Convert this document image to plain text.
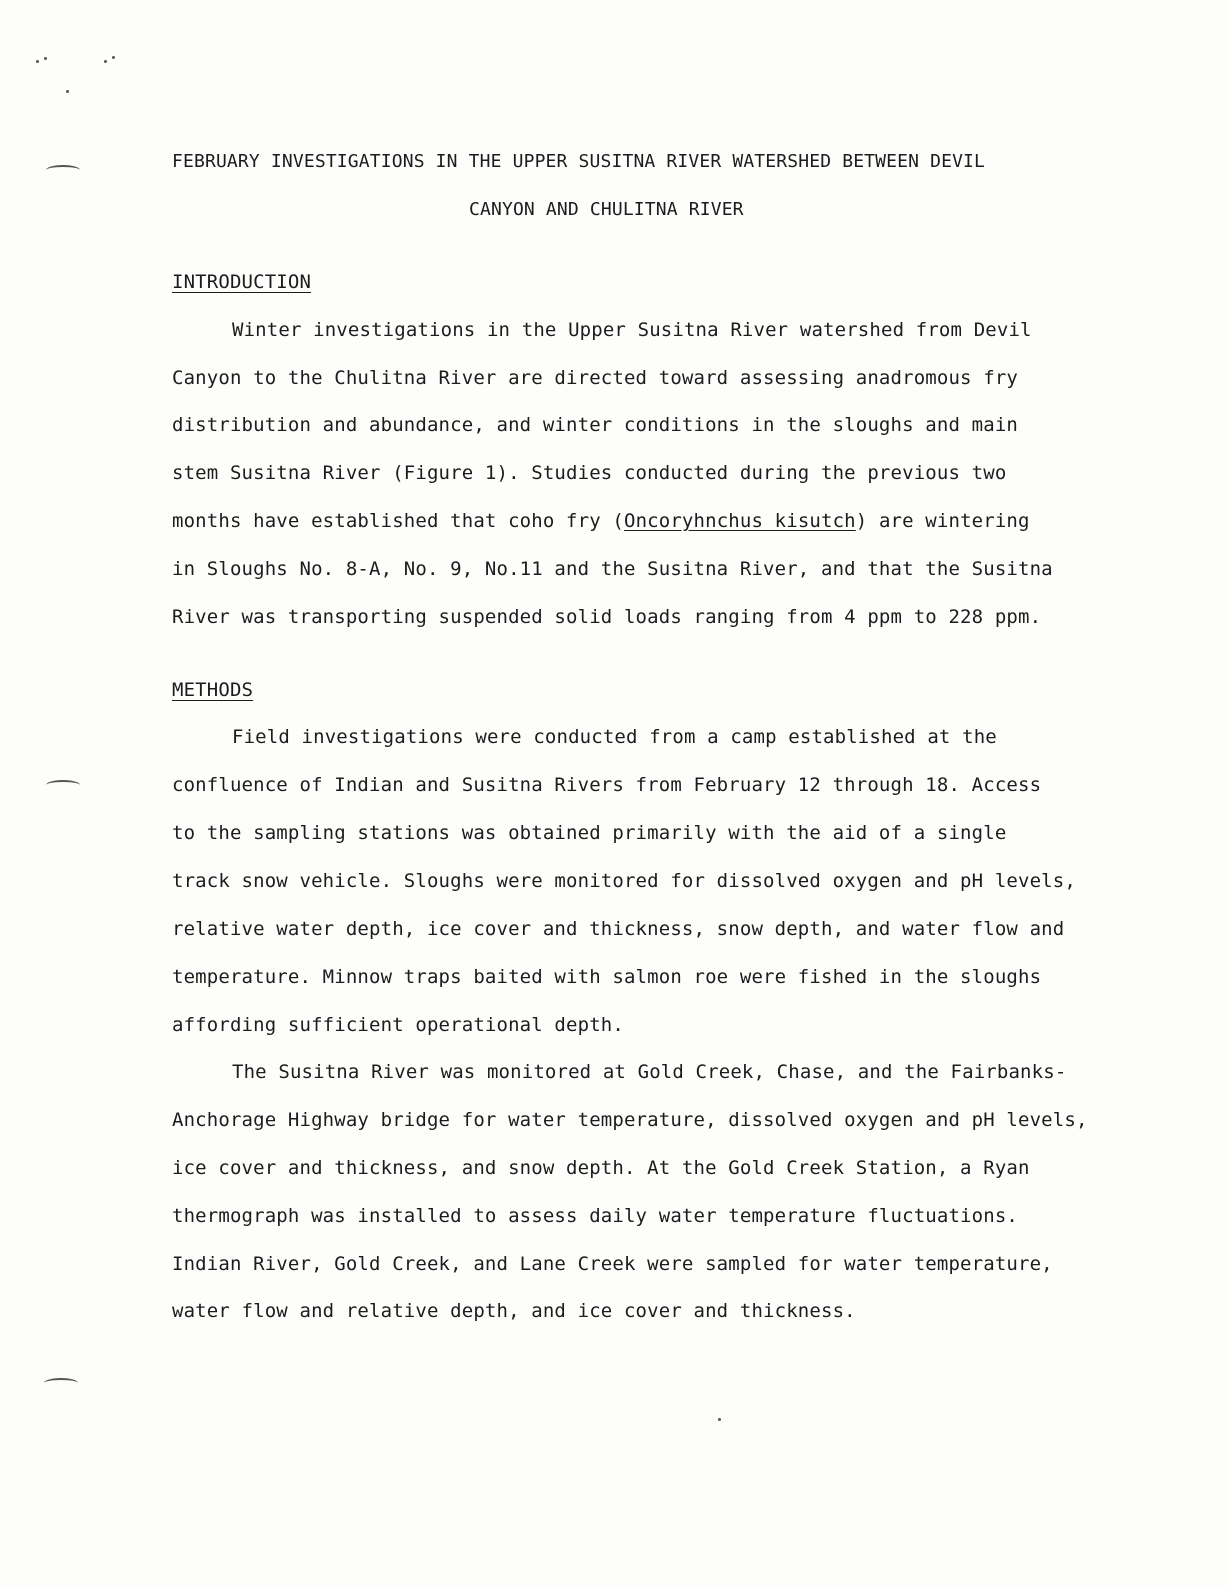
FEBRUARY INVESTIGATIONS IN THE UPPER SUSITNA RIVER WATERSHED BETWEEN DEVIL
CANYON AND CHULITNA RIVER
INTRODUCTION
Winter investigations in the Upper Susitna River watershed from Devil
Canyon to the Chulitna River are directed toward assessing anadromous fry
distribution and abundance, and winter conditions in the sloughs and main
stem Susitna River (Figure 1). Studies conducted during the previous two
months have established that coho fry (Oncoryhnchus kisutch) are wintering
in Sloughs No. 8-A, No. 9, No.11 and the Susitna River, and that the Susitna
River was transporting suspended solid loads ranging from 4 ppm to 228 ppm.
METHODS
Field investigations were conducted from a camp established at the
confluence of Indian and Susitna Rivers from February 12 through 18. Access
to the sampling stations was obtained primarily with the aid of a single
track snow vehicle. Sloughs were monitored for dissolved oxygen and pH levels,
relative water depth, ice cover and thickness, snow depth, and water flow and
temperature. Minnow traps baited with salmon roe were fished in the sloughs
affording sufficient operational depth.
The Susitna River was monitored at Gold Creek, Chase, and the Fairbanks-
Anchorage Highway bridge for water temperature, dissolved oxygen and pH levels,
ice cover and thickness, and snow depth. At the Gold Creek Station, a Ryan
thermograph was installed to assess daily water temperature fluctuations.
Indian River, Gold Creek, and Lane Creek were sampled for water temperature,
water flow and relative depth, and ice cover and thickness.
